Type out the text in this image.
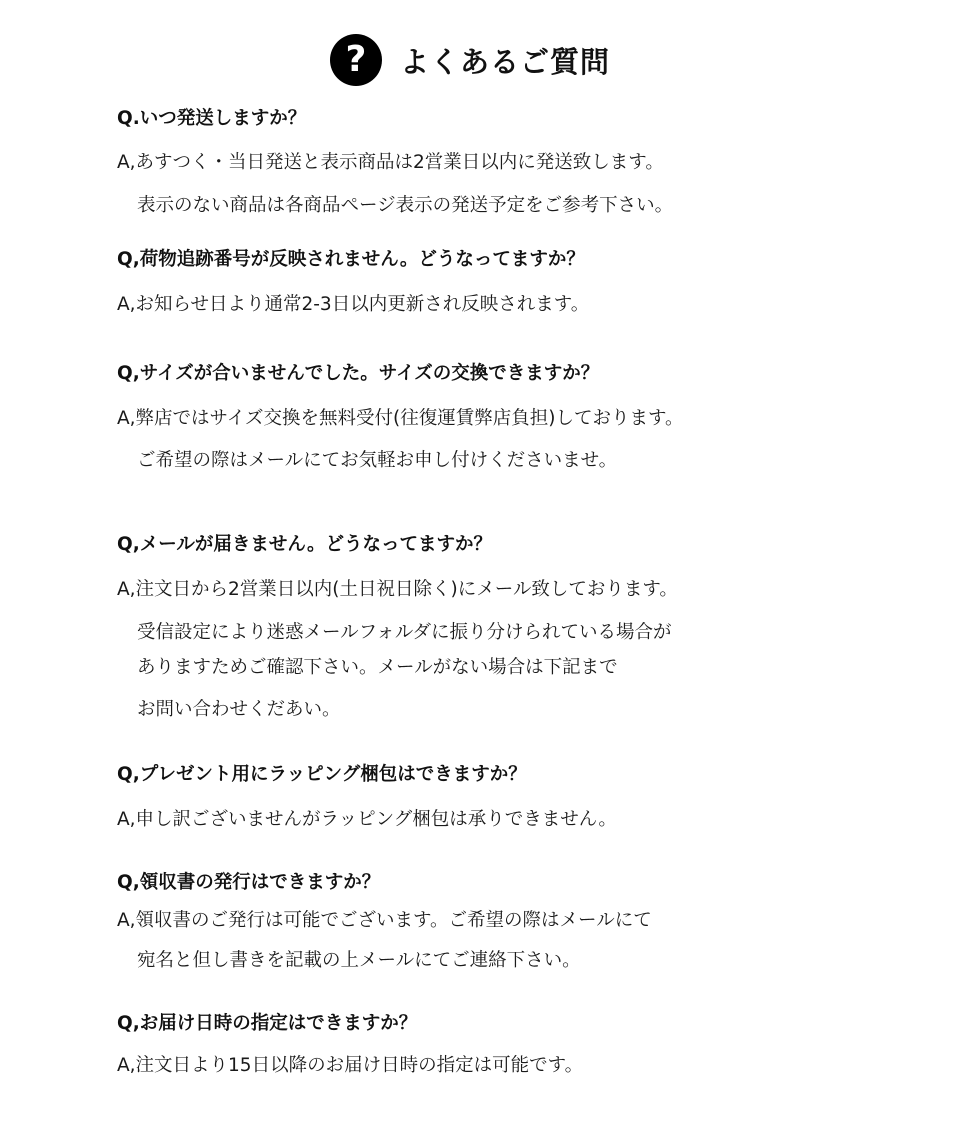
?	よくあるご質問
Q.いつ発送しますか？
A,あすつく・当日発送と表示商品は2営業日以内に発送致します。
表示のない商品は各商品ページ表示の発送予定をご参考下さい。
Q,荷物追跡番号が反映されません。どうなってますか？
A,お知らせ日より通常2-3日以内更新され反映されます。
Q,サイズが合いませんでした。サイズの交換できますか？
A,弊店ではサイズ交換を無料受付(往復運賃弊店負担)しております。
ご希望の際はメールにてお気軽お申し付けくださいませ。
Q,メールが届きません。どうなってますか？
A,注文日から2営業日以内(土日祝日除く)にメール致しております。
受信設定により迷惑メールフォルダに振り分けられている場合が
ありますためご確認下さい。メールがない場合は下記まで
お問い合わせくだあい。
Q,プレゼント用にラッピング梱包はできますか？
A,申し訳ございませんがラッピング梱包は承りできません。
Q,領収書の発行はできますか？
A,領収書のご発行は可能でございます。ご希望の際はメールにて
宛名と但し書きを記載の上メールにてご連絡下さい。
Q,お届け日時の指定はできますか？
A,注文日より15日以降のお届け日時の指定は可能です。
